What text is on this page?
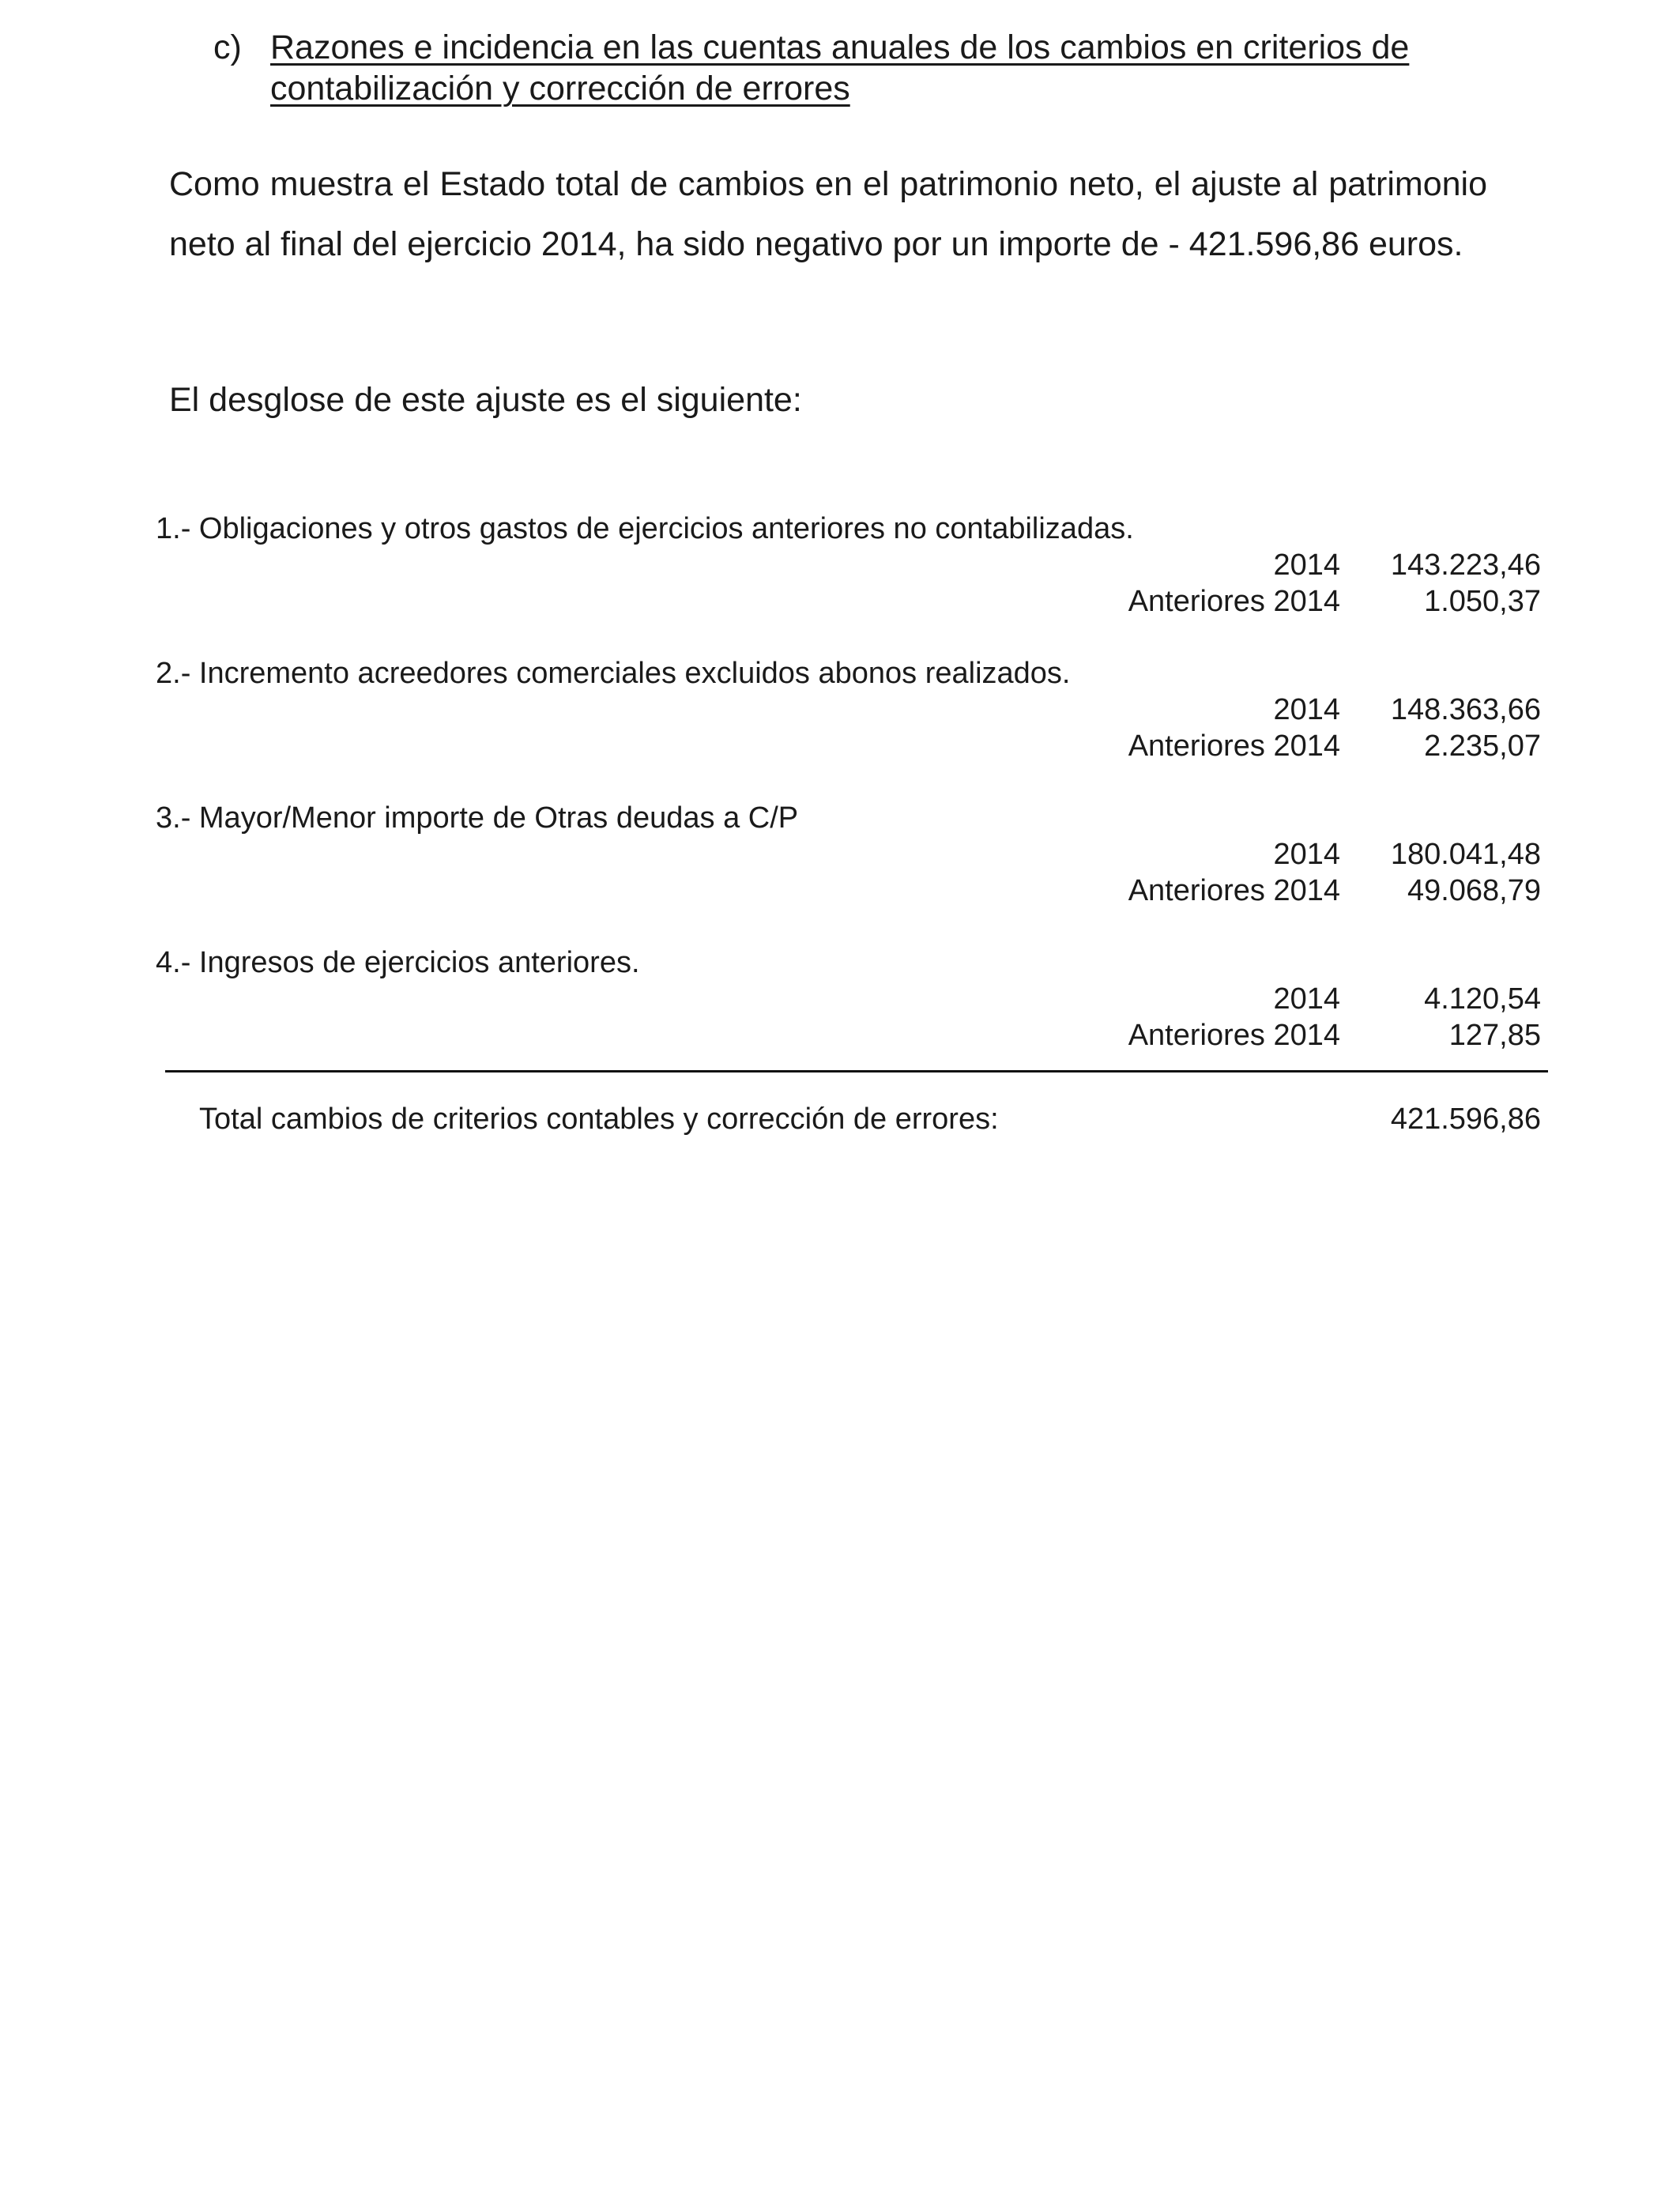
c) Razones e incidencia en las cuentas anuales de los cambios en criterios de contabilización y corrección de errores
Como muestra el Estado total de cambios en el patrimonio neto, el ajuste al patrimonio neto al final del ejercicio 2014, ha sido negativo por un importe de - 421.596,86 euros.
El desglose de este ajuste es el siguiente:
1.- Obligaciones y otros gastos de ejercicios anteriores no contabilizadas.
2014 143.223,46
Anteriores 2014	1.050,37
2.- Incremento acreedores comerciales excluidos abonos realizados.
2014 148.363,66
Anteriores 2014	2.235,07
3.- Mayor/Menor importe de Otras deudas a C/P
2014 180.041,48
Anteriores 2014 49.068,79
4.- Ingresos de ejercicios anteriores.
2014	4.120,54
Anteriores 2014	127,85
Total cambios de criterios contables y corrección de errores:	421.596,86
